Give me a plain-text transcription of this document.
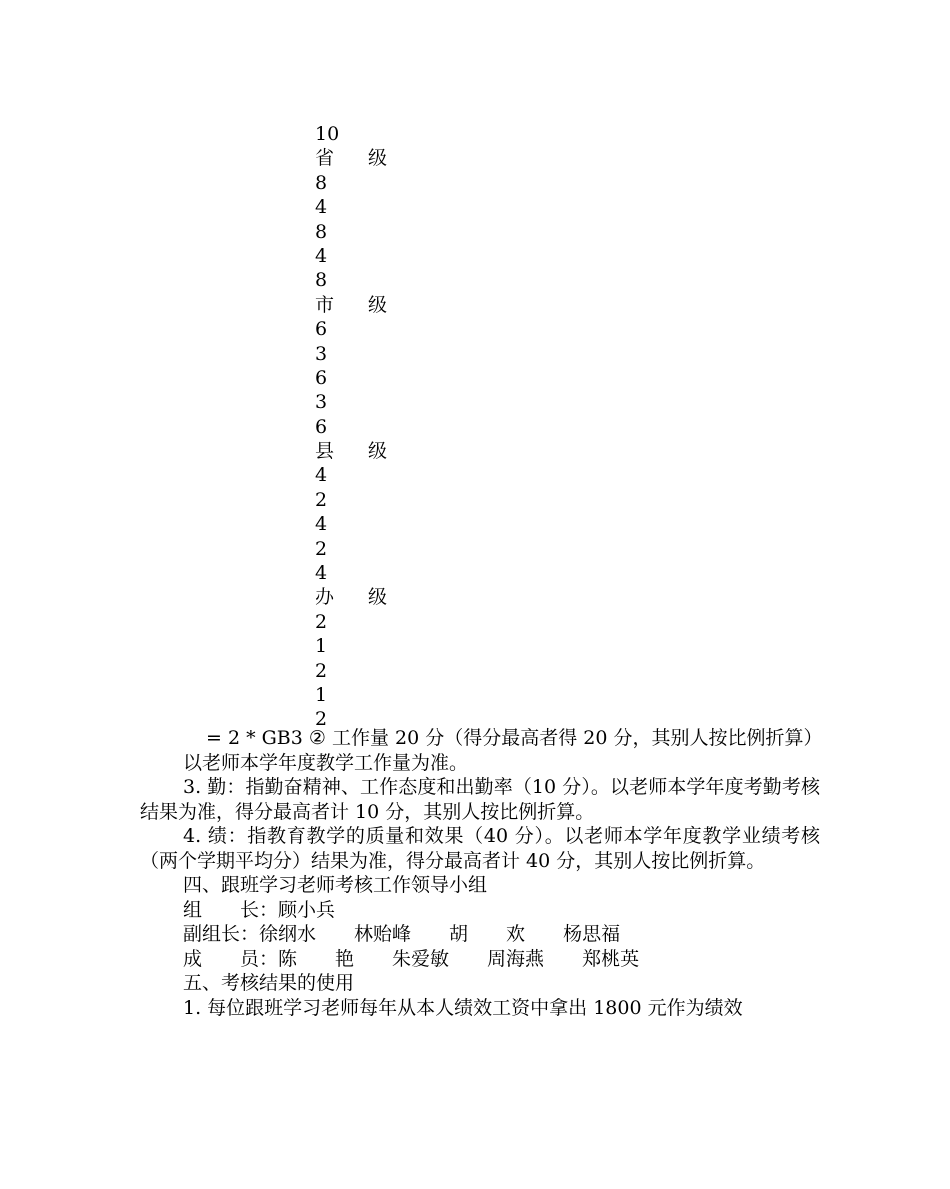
10
省 级
8
4
8
4
8
市 级
6
3
6
3
6
县 级
4
2
4
2
4
办 级
2
1
2
1
2

= 2 * GB3 ② 工作量 20 分（得分最高者得 20 分，其别人按比例折算）

以老师本学年度教学工作量为准。

3. 勤：指勤奋精神、工作态度和出勤率（10 分）。以老师本学年度考勤考核结果为准，得分最高者计 10 分，其别人按比例折算。

4. 绩：指教育教学的质量和效果（40 分）。以老师本学年度教学业绩考核（两个学期平均分）结果为准，得分最高者计 40 分，其别人按比例折算。

四、跟班学习老师考核工作领导小组

组　　长：顾小兵

副组长：徐纲水 林贻峰 胡　　欢 杨思福

成　　员：陈　　艳 朱爱敏 周海燕 郑桃英

五、考核结果的使用

1. 每位跟班学习老师每年从本人绩效工资中拿出 1800 元作为绩效
